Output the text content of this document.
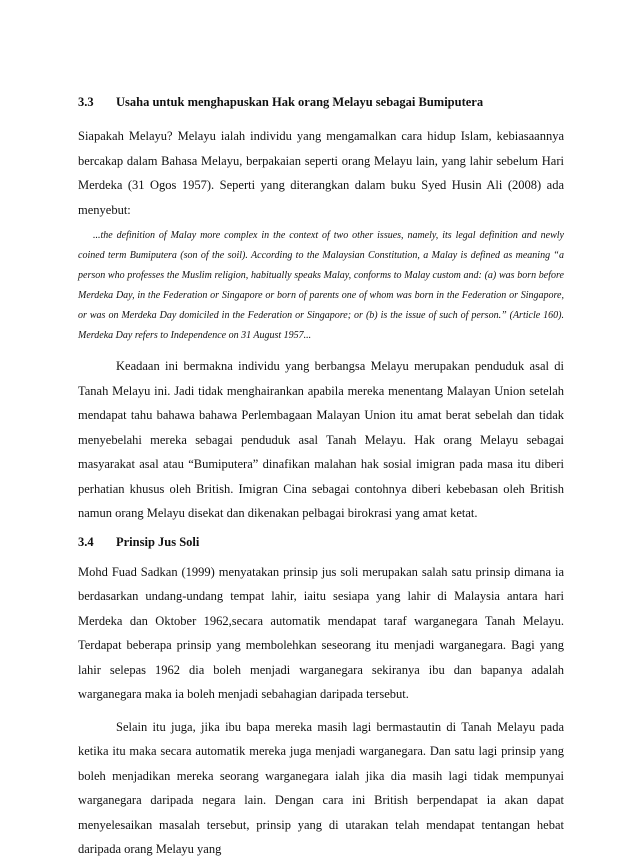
3.3 Usaha untuk menghapuskan Hak orang Melayu sebagai Bumiputera

Siapakah Melayu? Melayu ialah individu yang mengamalkan cara hidup Islam, kebiasaannya bercakap dalam Bahasa Melayu, berpakaian seperti orang Melayu lain, yang lahir sebelum Hari Merdeka (31 Ogos 1957). Seperti yang diterangkan dalam buku Syed Husin Ali (2008) ada menyebut:

...the definition of Malay more complex in the context of two other issues, namely, its legal definition and newly coined term Bumiputera (son of the soil). According to the Malaysian Constitution, a Malay is defined as meaning “a person who professes the Muslim religion, habitually speaks Malay, conforms to Malay custom and: (a) was born before Merdeka Day, in the Federation or Singapore or born of parents one of whom was born in the Federation or Singapore, or was on Merdeka Day domiciled in the Federation or Singapore; or (b) is the issue of such of person.” (Article 160). Merdeka Day refers to Independence on 31 August 1957...

Keadaan ini bermakna individu yang berbangsa Melayu merupakan penduduk asal di Tanah Melayu ini. Jadi tidak menghairankan apabila mereka menentang Malayan Union setelah mendapat tahu bahawa bahawa Perlembagaan Malayan Union itu amat berat sebelah dan tidak menyebelahi mereka sebagai penduduk asal Tanah Melayu. Hak orang Melayu sebagai masyarakat asal atau “Bumiputera” dinafikan malahan hak sosial imigran pada masa itu diberi perhatian khusus oleh British. Imigran Cina sebagai contohnya diberi kebebasan oleh British namun orang Melayu disekat dan dikenakan pelbagai birokrasi yang amat ketat.

3.4 Prinsip Jus Soli

Mohd Fuad Sadkan (1999) menyatakan prinsip jus soli merupakan salah satu prinsip dimana ia berdasarkan undang-undang tempat lahir, iaitu sesiapa yang lahir di Malaysia antara hari Merdeka dan Oktober 1962,secara automatik mendapat taraf warganegara Tanah Melayu. Terdapat beberapa prinsip yang membolehkan seseorang itu menjadi warganegara. Bagi yang lahir selepas 1962 dia boleh menjadi warganegara sekiranya ibu dan bapanya adalah warganegara maka ia boleh menjadi sebahagian daripada tersebut.

Selain itu juga, jika ibu bapa mereka masih lagi bermastautin di Tanah Melayu pada ketika itu maka secara automatik mereka juga menjadi warganegara. Dan satu lagi prinsip yang boleh menjadikan mereka seorang warganegara ialah jika dia masih lagi tidak mempunyai warganegara daripada negara lain. Dengan cara ini British berpendapat ia akan dapat menyelesaikan masalah tersebut, prinsip yang di utarakan telah mendapat tentangan hebat daripada orang Melayu yang
